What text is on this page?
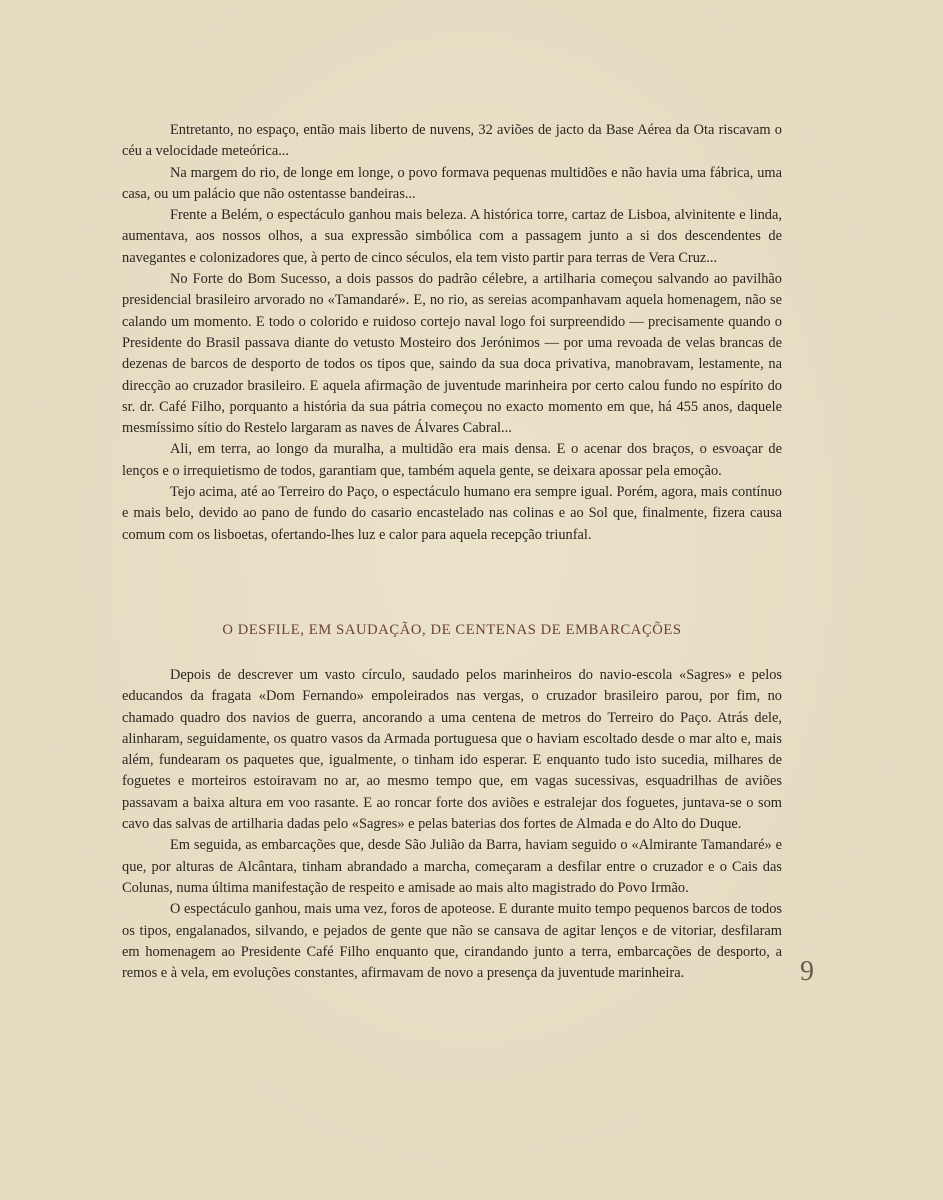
Entretanto, no espaço, então mais liberto de nuvens, 32 aviões de jacto da Base Aérea da Ota riscavam o céu a velocidade meteórica...

Na margem do rio, de longe em longe, o povo formava pequenas multidões e não havia uma fábrica, uma casa, ou um palácio que não ostentasse bandeiras...

Frente a Belém, o espectáculo ganhou mais beleza. A histórica torre, cartaz de Lisboa, alvinitente e linda, aumentava, aos nossos olhos, a sua expressão simbólica com a passagem junto a si dos descendentes de navegantes e colonizadores que, à perto de cinco séculos, ela tem visto partir para terras de Vera Cruz...

No Forte do Bom Sucesso, a dois passos do padrão célebre, a artilharia começou salvando ao pavilhão presidencial brasileiro arvorado no «Tamandaré». E, no rio, as sereias acompanhavam aquela homenagem, não se calando um momento. E todo o colorido e ruidoso cortejo naval logo foi surpreendido — precisamente quando o Presidente do Brasil passava diante do vetusto Mosteiro dos Jerónimos — por uma revoada de velas brancas de dezenas de barcos de desporto de todos os tipos que, saindo da sua doca privativa, manobravam, lestamente, na direcção ao cruzador brasileiro. E aquela afirmação de juventude marinheira por certo calou fundo no espírito do sr. dr. Café Filho, porquanto a história da sua pátria começou no exacto momento em que, há 455 anos, daquele mesmíssimo sítio do Restelo largaram as naves de Álvares Cabral...

Ali, em terra, ao longo da muralha, a multidão era mais densa. E o acenar dos braços, o esvoaçar de lenços e o irrequietismo de todos, garantiam que, também aquela gente, se deixara apossar pela emoção.

Tejo acima, até ao Terreiro do Paço, o espectáculo humano era sempre igual. Porém, agora, mais contínuo e mais belo, devido ao pano de fundo do casario encastelado nas colinas e ao Sol que, finalmente, fizera causa comum com os lisboetas, ofertando-lhes luz e calor para aquela recepção triunfal.

O DESFILE, EM SAUDAÇÃO, DE CENTENAS DE EMBARCAÇÕES

Depois de descrever um vasto círculo, saudado pelos marinheiros do navio-escola «Sagres» e pelos educandos da fragata «Dom Fernando» empoleirados nas vergas, o cruzador brasileiro parou, por fim, no chamado quadro dos navios de guerra, ancorando a uma centena de metros do Terreiro do Paço. Atrás dele, alinharam, seguidamente, os quatro vasos da Armada portuguesa que o haviam escoltado desde o mar alto e, mais além, fundearam os paquetes que, igualmente, o tinham ido esperar. E enquanto tudo isto sucedia, milhares de foguetes e morteiros estoiravam no ar, ao mesmo tempo que, em vagas sucessivas, esquadrilhas de aviões passavam a baixa altura em voo rasante. E ao roncar forte dos aviões e estralejar dos foguetes, juntava-se o som cavo das salvas de artilharia dadas pelo «Sagres» e pelas baterias dos fortes de Almada e do Alto do Duque.

Em seguida, as embarcações que, desde São Julião da Barra, haviam seguido o «Almirante Tamandaré» e que, por alturas de Alcântara, tinham abrandado a marcha, começaram a desfilar entre o cruzador e o Cais das Colunas, numa última manifestação de respeito e amisade ao mais alto magistrado do Povo Irmão.

O espectáculo ganhou, mais uma vez, foros de apoteose. E durante muito tempo pequenos barcos de todos os tipos, engalanados, silvando, e pejados de gente que não se cansava de agitar lenços e de vitoriar, desfilaram em homenagem ao Presidente Café Filho enquanto que, cirandando junto a terra, embarcações de desporto, a remos e à vela, em evoluções constantes, afirmavam de novo a presença da juventude marinheira.	9
